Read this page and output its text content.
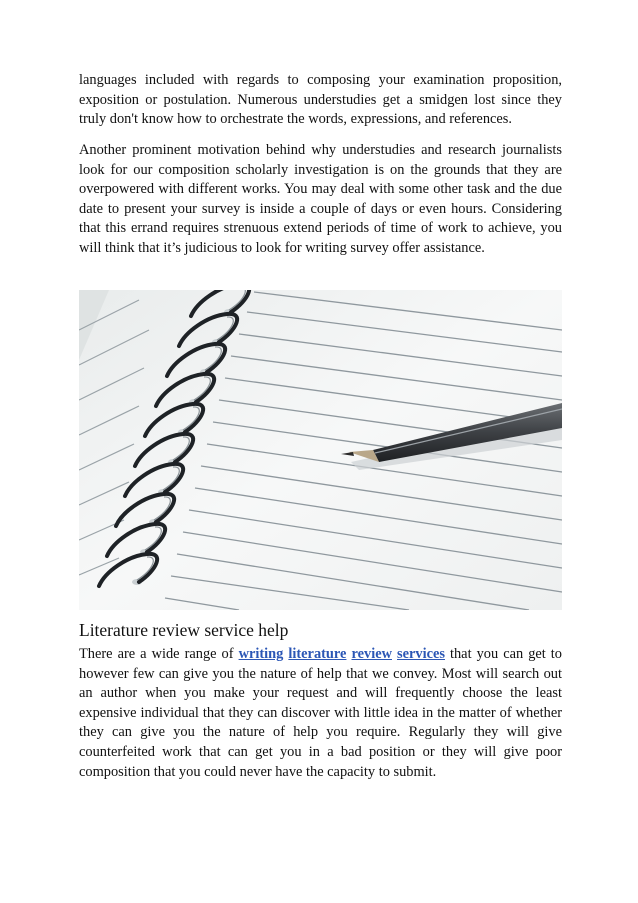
languages included with regards to composing your examination proposition, exposition or postulation. Numerous understudies get a smidgen lost since they truly don't know how to orchestrate the words, expressions, and references.

Another prominent motivation behind why understudies and research journalists look for our composition scholarly investigation is on the grounds that they are overpowered with different works. You may deal with some other task and the due date to present your survey is inside a couple of days or even hours. Considering that this errand requires strenuous extend periods of time of work to achieve, you will think that it’s judicious to look for writing survey offer assistance.

Literature review service help

There are a wide range of writing literature review services that you can get to however few can give you the nature of help that we convey. Most will search out an author when you make your request and will frequently choose the least expensive individual that they can discover with little idea in the matter of whether they can give you the nature of help you require. Regularly they will give counterfeited work that can get you in a bad position or they will give poor composition that you could never have the capacity to submit.
